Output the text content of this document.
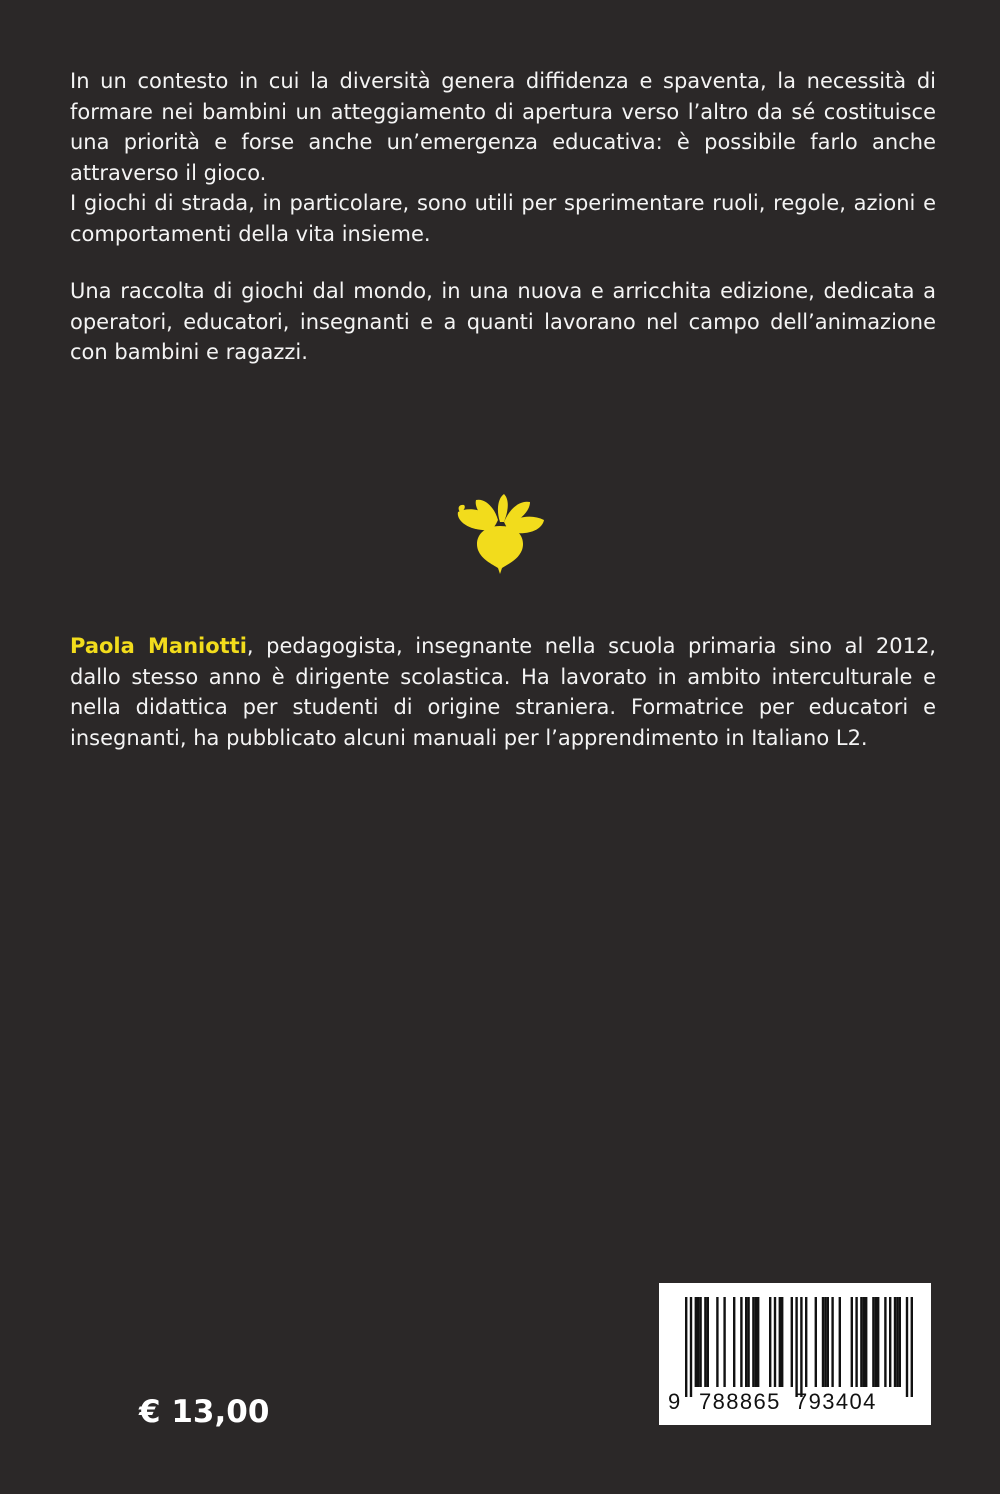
In un contesto in cui la diversità genera diffidenza e spaventa, la necessità di formare nei bambini un atteggiamento di apertura verso l’altro da sé costituisce una priorità e forse anche un’emergenza educativa: è possibile farlo anche attraverso il gioco.

I giochi di strada, in particolare, sono utili per sperimentare ruoli, regole, azioni e comportamenti della vita insieme.

Una raccolta di giochi dal mondo, in una nuova e arricchita edizione, dedicata a operatori, educatori, insegnanti e a quanti lavorano nel campo dell’animazione con bambini e ragazzi.

Paola Maniotti, pedagogista, insegnante nella scuola primaria sino al 2012, dallo stesso anno è dirigente scolastica. Ha lavorato in ambito interculturale e nella didattica per studenti di origine straniera. Formatrice per educatori e insegnanti, ha pubblicato alcuni manuali per l’apprendimento in Italiano L2.

€ 13,00	9 788865 793404
